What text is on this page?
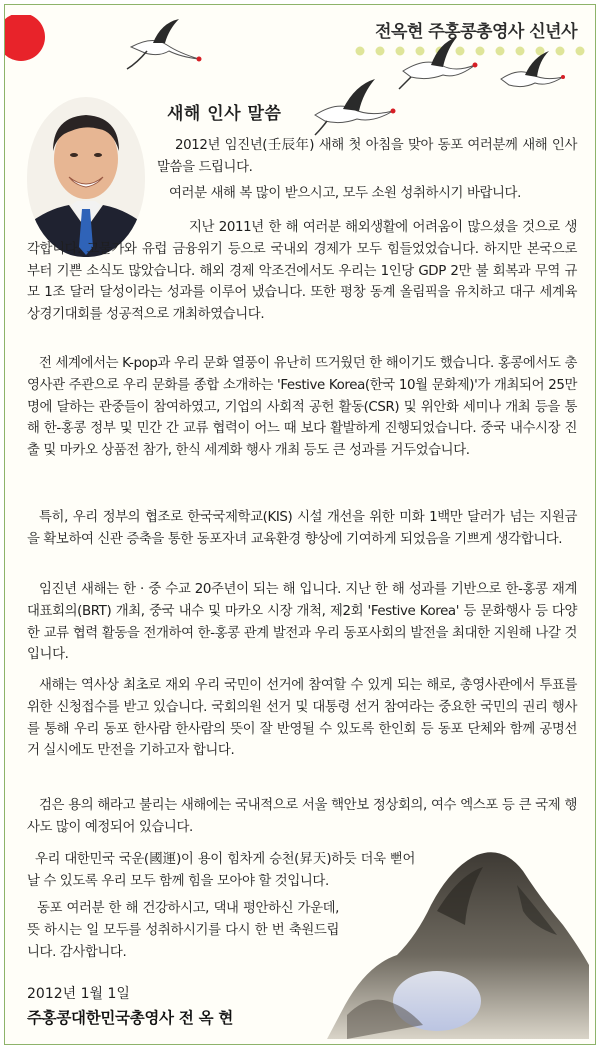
전옥현 주홍콩총영사 신년사
새해 인사 말씀

2012년 임진년(壬辰年) 새해 첫 아침을 맞아 동포 여러분께 새해 인사 말씀을 드립니다.

여러분 새해 복 많이 받으시고, 모두 소원 성취하시기 바랍니다.

지난 2011년 한 해 여러분 해외생활에 어려움이 많으셨을 것으로 생각합니다. 고물가와 유럽 금융위기 등으로 국내외 경제가 모두 힘들었었습니다. 하지만 본국으로 부터 기쁜 소식도 많았습니다. 해외 경제 악조건에서도 우리는 1인당 GDP 2만 불 회복과 무역 규모 1조 달러 달성이라는 성과를 이루어 냈습니다. 또한 평창 동계 올림픽을 유치하고 대구 세계육상경기대회를 성공적으로 개최하였습니다.

전 세계에서는 K-pop과 우리 문화 열풍이 유난히 뜨거웠던 한 해이기도 했습니다. 홍콩에서도 총영사관 주관으로 우리 문화를 종합 소개하는 'Festive Korea(한국 10월 문화제)'가 개최되어 25만 명에 달하는 관중들이 참여하였고, 기업의 사회적 공헌 활동(CSR) 및 위안화 세미나 개최 등을 통해 한-홍콩 정부 및 민간 간 교류 협력이 어느 때 보다 활발하게 진행되었습니다. 중국 내수시장 진출 및 마카오 상품전 참가, 한식 세계화 행사 개최 등도 큰 성과를 거두었습니다.

특히, 우리 정부의 협조로 한국국제학교(KIS) 시설 개선을 위한 미화 1백만 달러가 넘는 지원금을 확보하여 신관 증축을 통한 동포자녀 교육환경 향상에 기여하게 되었음을 기쁘게 생각합니다.

임진년 새해는 한 · 중 수교 20주년이 되는 해 입니다. 지난 한 해 성과를 기반으로 한-홍콩 재계대표회의(BRT) 개최, 중국 내수 및 마카오 시장 개척, 제2회 'Festive Korea' 등 문화행사 등 다양한 교류 협력 활동을 전개하여 한-홍콩 관계 발전과 우리 동포사회의 발전을 최대한 지원해 나갈 것입니다.

새해는 역사상 최초로 재외 우리 국민이 선거에 참여할 수 있게 되는 해로, 총영사관에서 투표를 위한 신청접수를 받고 있습니다. 국회의원 선거 및 대통령 선거 참여라는 중요한 국민의 권리 행사를 통해 우리 동포 한사람 한사람의 뜻이 잘 반영될 수 있도록 한인회 등 동포 단체와 함께 공명선거 실시에도 만전을 기하고자 합니다.

검은 용의 해라고 불리는 새해에는 국내적으로 서울 핵안보 정상회의, 여수 엑스포 등 큰 국제 행사도 많이 예정되어 있습니다.

우리 대한민국 국운(國運)이 용이 힘차게 승천(昇天)하듯 더욱 뻗어날 수 있도록 우리 모두 함께 힘을 모아야 할 것입니다.

동포 여러분 한 해 건강하시고, 댁내 평안하신 가운데, 뜻 하시는 일 모두를 성취하시기를 다시 한 번 축원드립니다. 감사합니다.

2012년 1월 1일
주홍콩대한민국총영사 전 옥 현
